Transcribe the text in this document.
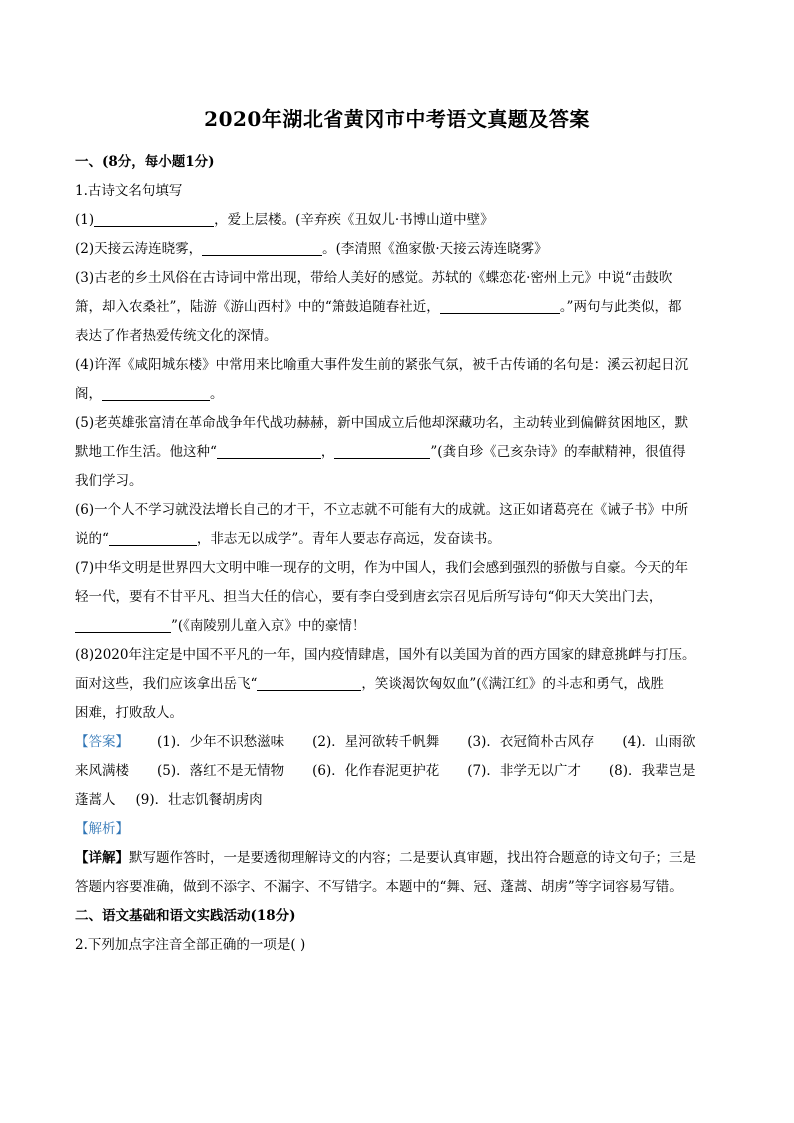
2020年湖北省黄冈市中考语文真题及答案
一、(8分，每小题1分)
1.古诗文名句填写
(1)	，爱上层楼。(辛弃疾《丑奴儿·书博山道中壁》
(2)天接云涛连晓雾，	。(李清照《渔家傲·天接云涛连晓雾》
(3)古老的乡土风俗在古诗词中常出现，带给人美好的感觉。苏轼的《蝶恋花·密州上元》中说“击鼓吹
箫，却入农桑社”，陆游《游山西村》中的“箫鼓追随春社近，	。”两句与此类似，都
表达了作者热爱传统文化的深情。
(4)许浑《咸阳城东楼》中常用来比喻重大事件发生前的紧张气氛，被千古传诵的名句是：溪云初起日沉
阁，	。
(5)老英雄张富清在革命战争年代战功赫赫，新中国成立后他却深藏功名，主动转业到偏僻贫困地区，默
默地工作生活。他这种“	，	”(龚自珍《己亥杂诗》的奉献精神，很值得
我们学习。
(6)一个人不学习就没法增长自己的才干，不立志就不可能有大的成就。这正如诸葛亮在《诫子书》中所
说的“	，非志无以成学”。青年人要志存高远，发奋读书。
(7)中华文明是世界四大文明中唯一现存的文明，作为中国人，我们会感到强烈的骄傲与自豪。今天的年
轻一代，要有不甘平凡、担当大任的信心，要有李白受到唐玄宗召见后所写诗句“仰天大笑出门去，
”(《南陵别儿童入京》中的豪情！
(8)2020年注定是中国不平凡的一年，国内疫情肆虐，国外有以美国为首的西方国家的肆意挑衅与打压。
面对这些，我们应该拿出岳飞“	，笑谈渴饮匈奴血”(《满江红》的斗志和勇气，战胜
困难，打败敌人。
【答案】 (1)．少年不识愁滋味 (2)．星河欲转千帆舞 (3)．衣冠简朴古风存 (4)．山雨欲
来风满楼 (5)．落红不是无情物 (6)．化作春泥更护花 (7)．非学无以广才 (8)．我辈岂是
蓬蒿人 (9)．壮志饥餐胡虏肉
【解析】
【详解】默写题作答时，一是要透彻理解诗文的内容；二是要认真审题，找出符合题意的诗文句子；三是
答题内容要准确，做到不添字、不漏字、不写错字。本题中的“舞、冠、蓬蒿、胡虏”等字词容易写错。
二、语文基础和语文实践活动(18分)
2.下列加点字注音全部正确的一项是( )
